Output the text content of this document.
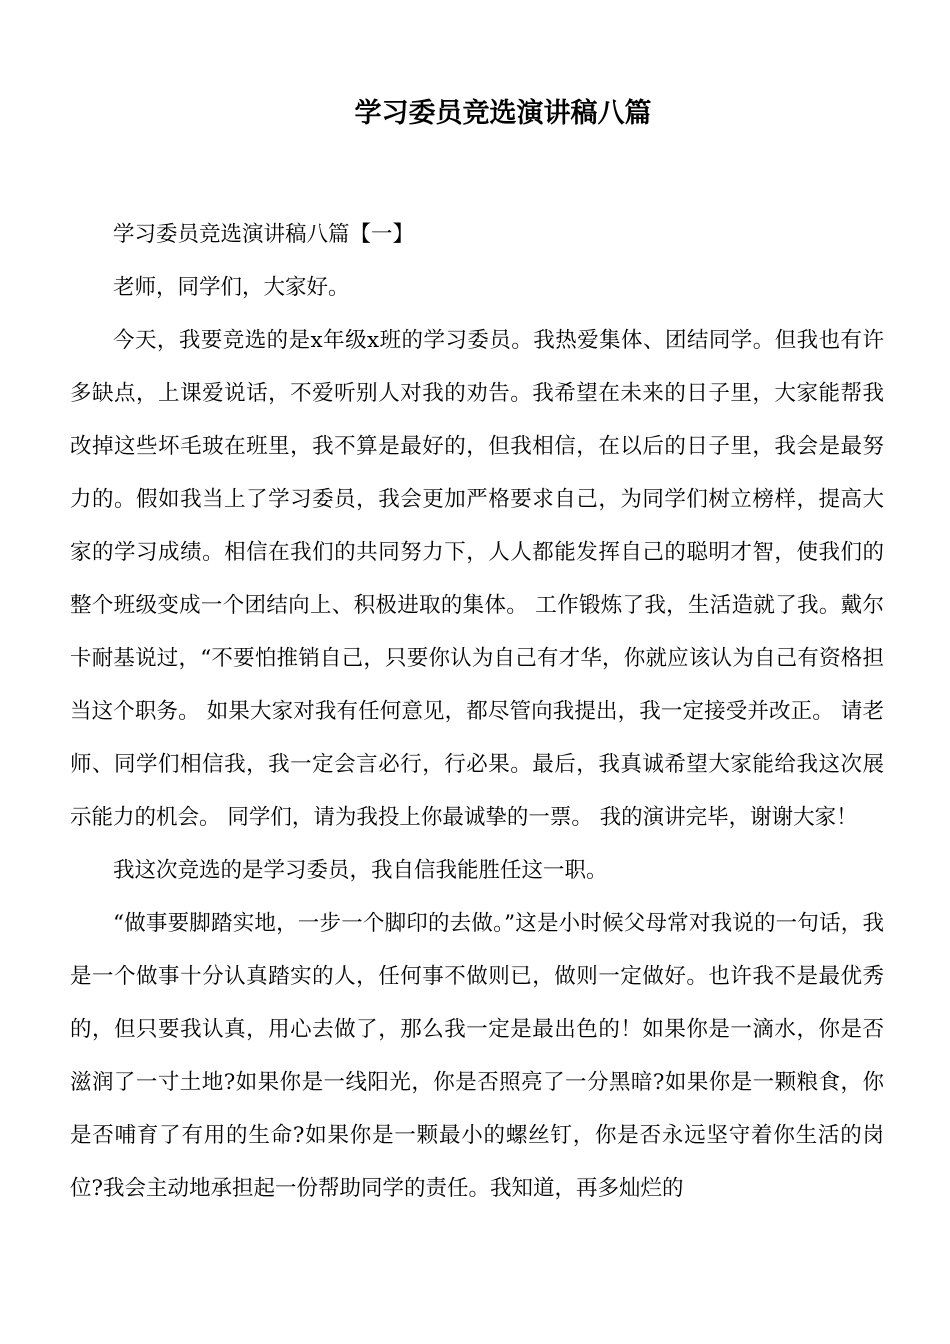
学习委员竞选演讲稿八篇

学习委员竞选演讲稿八篇【一】

老师，同学们，大家好。

今天，我要竞选的是x年级x班的学习委员。我热爱集体、团结同学。但我也有许多缺点，上课爱说话，不爱听别人对我的劝告。我希望在未来的日子里，大家能帮我改掉这些坏毛玻在班里，我不算是最好的，但我相信，在以后的日子里，我会是最努力的。假如我当上了学习委员，我会更加严格要求自己，为同学们树立榜样，提高大家的学习成绩。相信在我们的共同努力下，人人都能发挥自己的聪明才智，使我们的整个班级变成一个团结向上、积极进取的集体。 工作锻炼了我，生活造就了我。戴尔卡耐基说过，“不要怕推销自己，只要你认为自己有才华，你就应该认为自己有资格担当这个职务。 如果大家对我有任何意见，都尽管向我提出，我一定接受并改正。 请老师、同学们相信我，我一定会言必行，行必果。最后，我真诚希望大家能给我这次展示能力的机会。 同学们，请为我投上你最诚挚的一票。 我的演讲完毕，谢谢大家！

我这次竞选的是学习委员，我自信我能胜任这一职。

“做事要脚踏实地，一步一个脚印的去做。”这是小时候父母常对我说的一句话，我是一个做事十分认真踏实的人，任何事不做则已，做则一定做好。也许我不是最优秀的，但只要我认真，用心去做了，那么我一定是最出色的！如果你是一滴水，你是否滋润了一寸土地?如果你是一线阳光，你是否照亮了一分黑暗?如果你是一颗粮食，你是否哺育了有用的生命?如果你是一颗最小的螺丝钉，你是否永远坚守着你生活的岗位?我会主动地承担起一份帮助同学的责任。我知道，再多灿烂的
